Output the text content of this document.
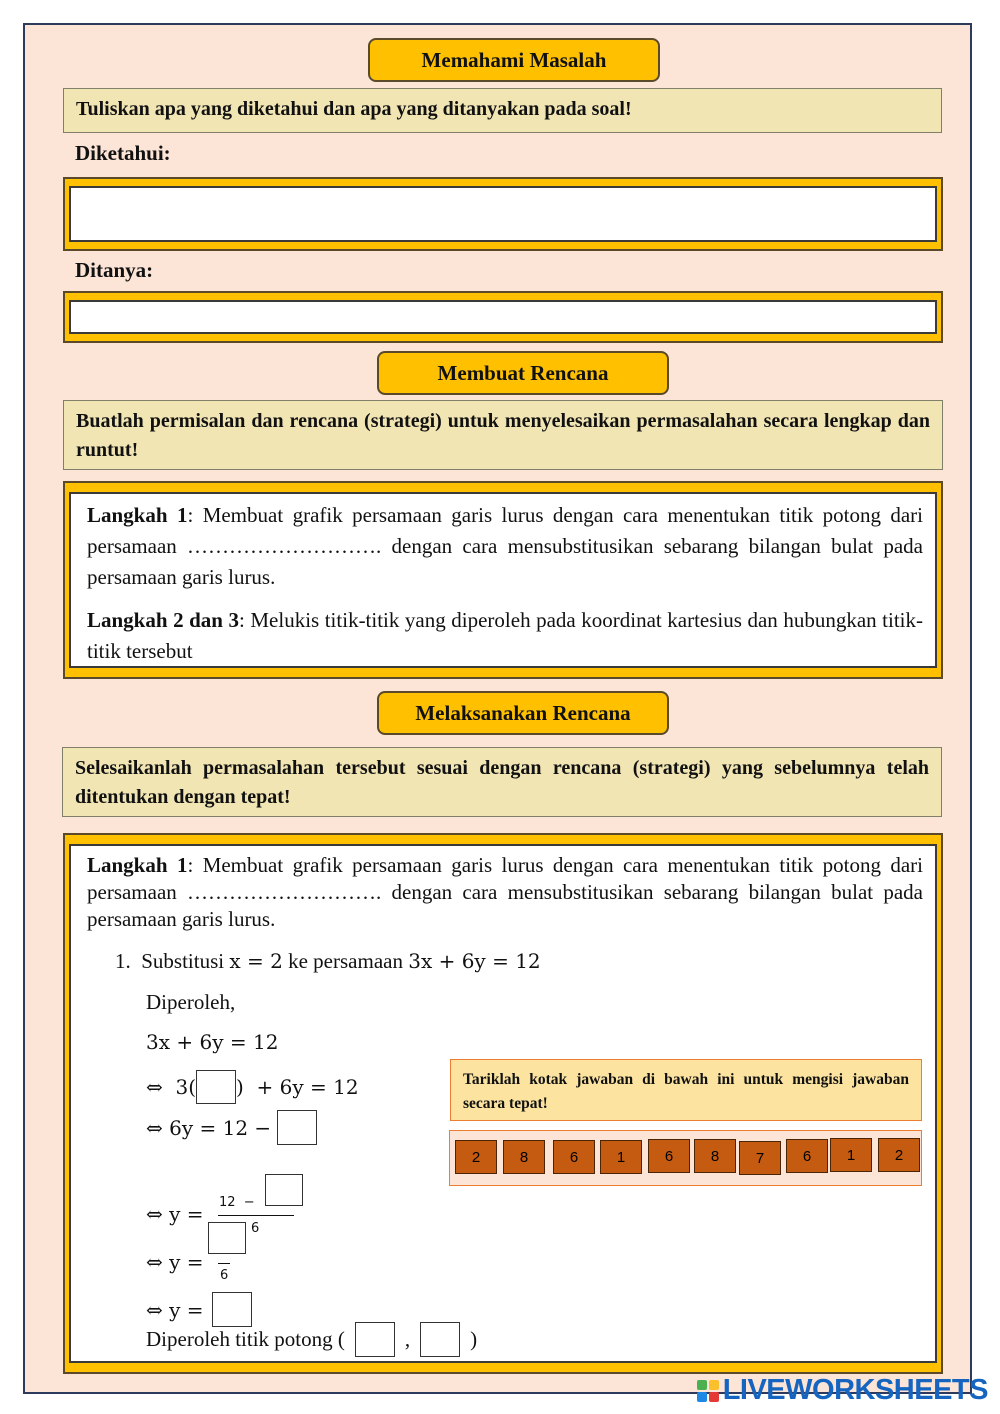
Memahami Masalah
Tuliskan apa yang diketahui dan apa yang ditanyakan pada soal!
Diketahui:
Ditanya:
Membuat Rencana
Buatlah permisalan dan rencana (strategi) untuk menyelesaikan permasalahan secara lengkap dan runtut!
Langkah 1: Membuat grafik persamaan garis lurus dengan cara menentukan titik potong dari persamaan ………………………. dengan cara mensubstitusikan sebarang bilangan bulat pada persamaan garis lurus.
Langkah 2 dan 3: Melukis titik-titik yang diperoleh pada koordinat kartesius dan hubungkan titik-titik tersebut
Melaksanakan Rencana
Selesaikanlah permasalahan tersebut sesuai dengan rencana (strategi) yang sebelumnya telah ditentukan dengan tepat!
Langkah 1: Membuat grafik persamaan garis lurus dengan cara menentukan titik potong dari persamaan ………………………. dengan cara mensubstitusikan sebarang bilangan bulat pada persamaan garis lurus.
1. Substitusi x = 2 ke persamaan 3x + 6y = 12
Diperoleh,
3x + 6y = 12
⇔  3( )  + 6y = 12
⇔ 6y = 12 −
⇔ y = 12  −
6
⇔ y =
6
⇔ y =
Diperoleh titik potong (	,	)
Tariklah kotak jawaban di bawah ini untuk mengisi jawaban secara tepat!
2	8	6	1	6	8	7	6	1	2
LIVEWORKSHEETS
